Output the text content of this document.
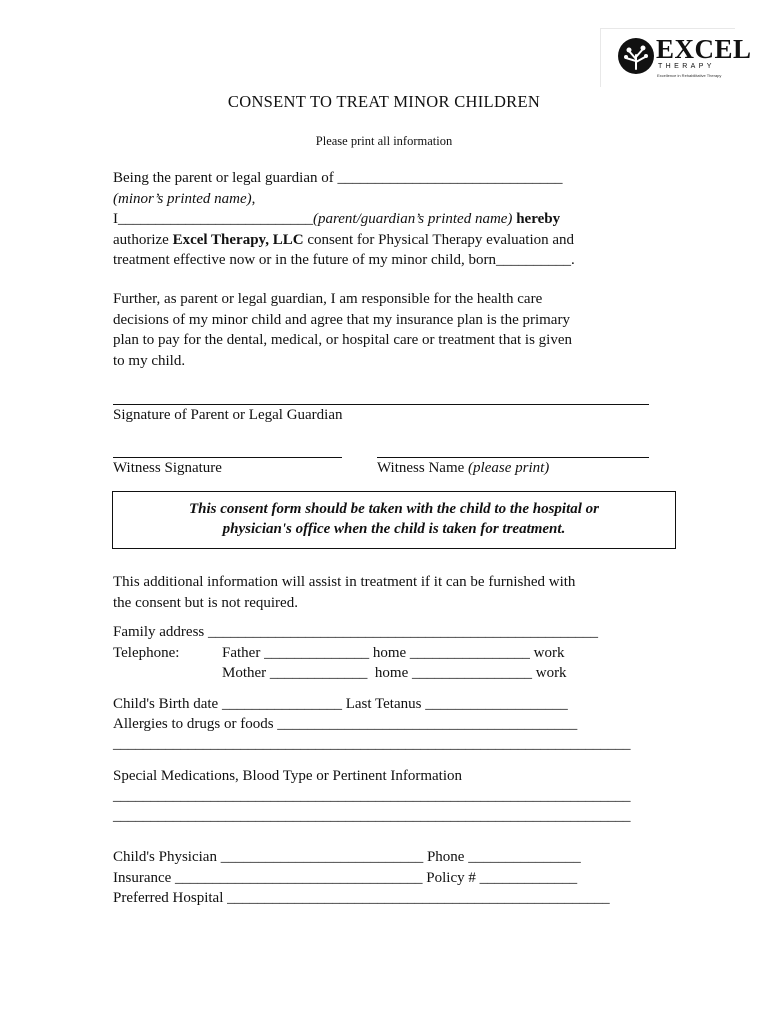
EXCEL
THERAPY
Excellence in Rehabilitative Therapy
CONSENT TO TREAT MINOR CHILDREN
Please print all information
Being the parent or legal guardian of ______________________________
(minor’s printed name),
I__________________________(parent/guardian’s printed name) hereby
authorize Excel Therapy, LLC consent for Physical Therapy evaluation and
treatment effective now or in the future of my minor child, born__________.
Further, as parent or legal guardian, I am responsible for the health care
decisions of my minor child and agree that my insurance plan is the primary
plan to pay for the dental, medical, or hospital care or treatment that is given
to my child.
Signature of Parent or Legal Guardian
Witness Signature	Witness Name (please print)
This consent form should be taken with the child to the hospital or
physician's office when the child is taken for treatment.
This additional information will assist in treatment if it can be furnished with
the consent but is not required.
Family address ____________________________________________________
Telephone:	Father ______________ home ________________ work
Mother _____________  home ________________ work
Child's Birth date ________________ Last Tetanus ___________________
Allergies to drugs or foods ________________________________________
_____________________________________________________________________
Special Medications, Blood Type or Pertinent Information
_____________________________________________________________________
_____________________________________________________________________
Child's Physician ___________________________ Phone _______________
Insurance _________________________________ Policy # _____________
Preferred Hospital ___________________________________________________
